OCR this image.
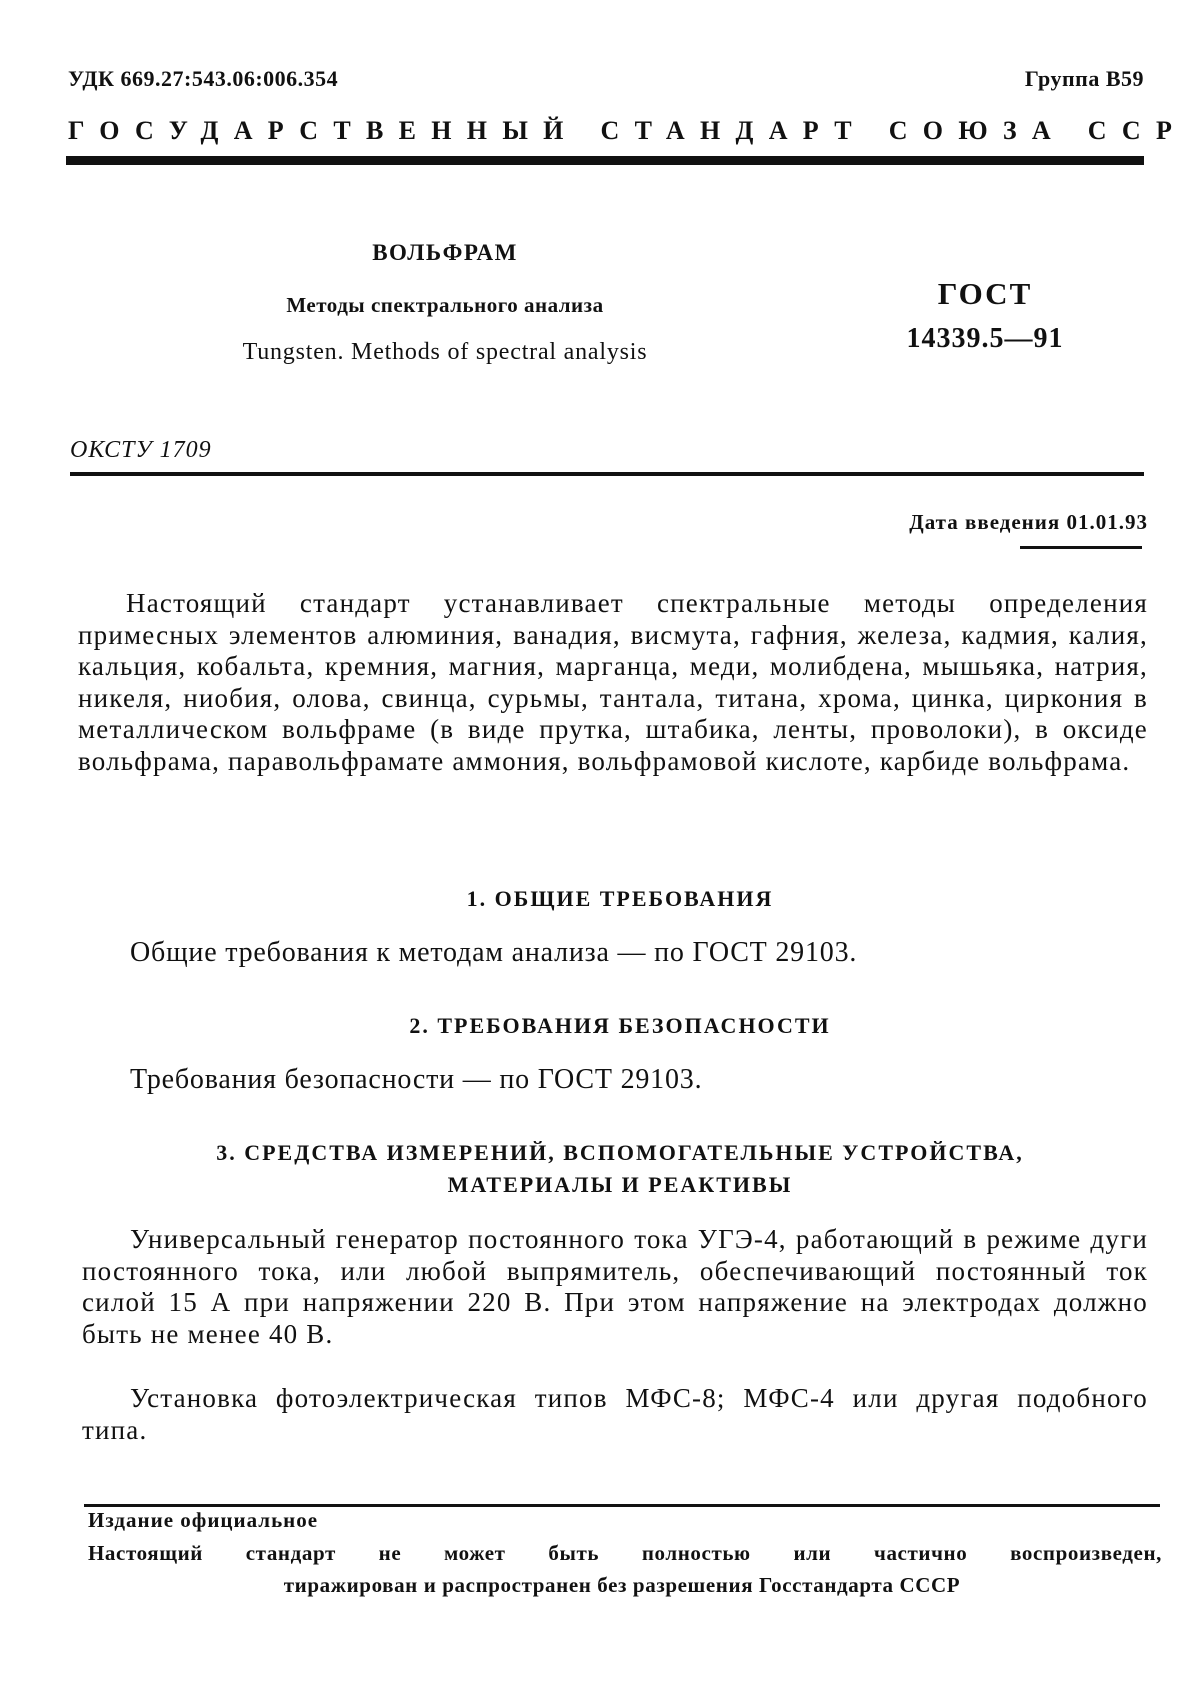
УДК 669.27:543.06:006.354	Группа В59
ГОСУДАРСТВЕННЫЙ СТАНДАРТ СОЮЗА ССР
ВОЛЬФРАМ
Методы спектрального анализа
Tungsten. Methods of spectral analysis
ГОСТ
14339.5—91
ОКСТУ 1709
Дата введения 01.01.93
Настоящий стандарт устанавливает спектральные методы определения примесных элементов алюминия, ванадия, висмута, гафния, железа, кадмия, калия, кальция, кобальта, кремния, магния, марганца, меди, молибдена, мышьяка, натрия, никеля, ниобия, олова, свинца, сурьмы, тантала, титана, хрома, цинка, циркония в металлическом вольфраме (в виде прутка, штабика, ленты, проволоки), в оксиде вольфрама, паравольфрамате аммония, вольфрамовой кислоте, карбиде вольфрама.
1. ОБЩИЕ ТРЕБОВАНИЯ
Общие требования к методам анализа — по ГОСТ 29103.
2. ТРЕБОВАНИЯ БЕЗОПАСНОСТИ
Требования безопасности — по ГОСТ 29103.
3. СРЕДСТВА ИЗМЕРЕНИЙ, ВСПОМОГАТЕЛЬНЫЕ УСТРОЙСТВА,
МАТЕРИАЛЫ И РЕАКТИВЫ
Универсальный генератор постоянного тока УГЭ-4, работающий в режиме дуги постоянного тока, или любой выпрямитель, обеспечивающий постоянный ток силой 15 А при напряжении 220 В. При этом напряжение на электродах должно быть не менее 40 В.
Установка фотоэлектрическая типов МФС-8; МФС-4 или другая подобного типа.
Издание официальное
Настоящий стандарт не может быть полностью или частично воспроизведен,
тиражирован и распространен без разрешения Госстандарта СССР
